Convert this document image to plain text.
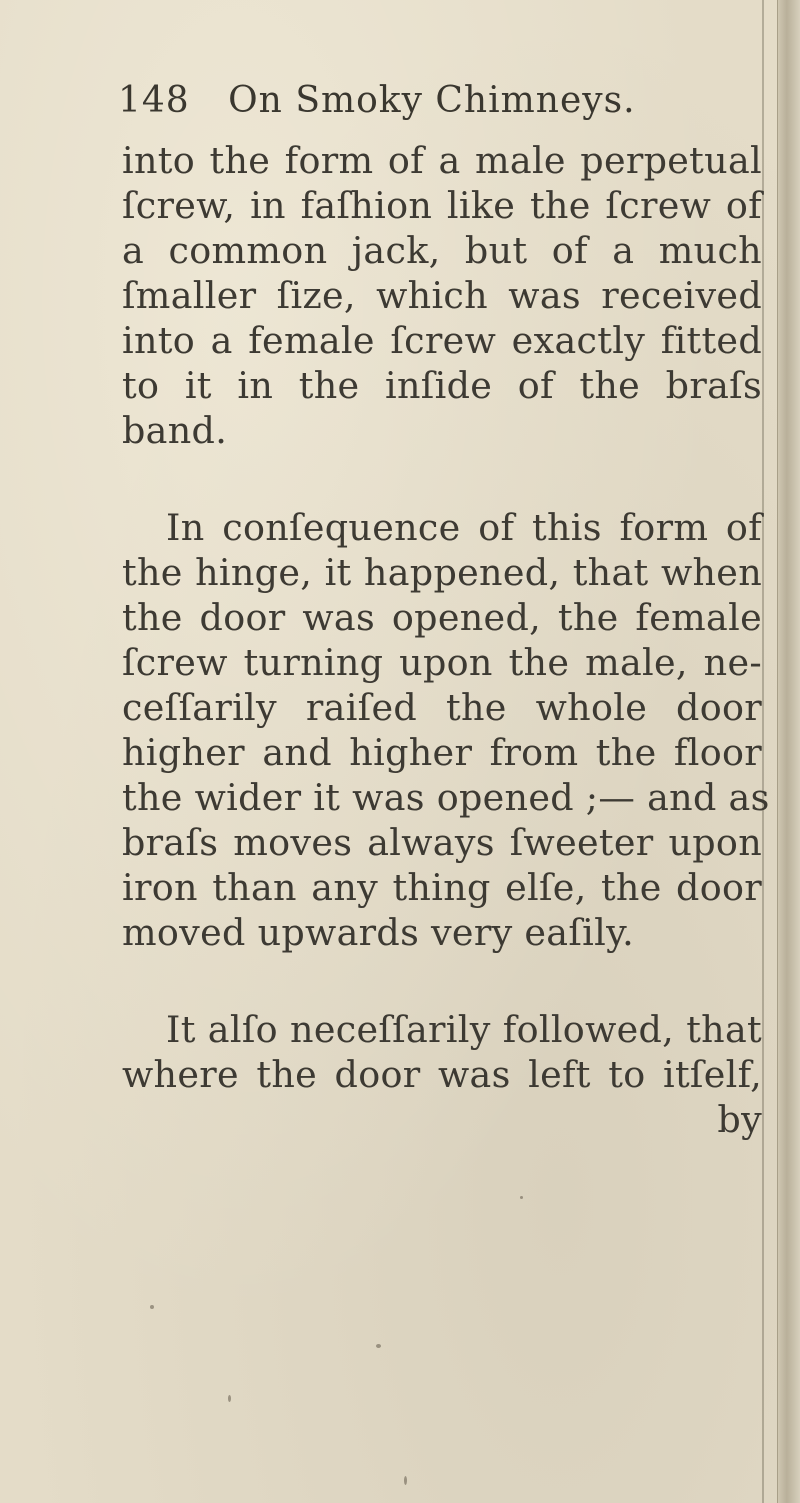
148 On Smoky Chimneys.
into the form of a male perpetual
ſcrew, in faſhion like the ſcrew of
a common jack, but of a much
ſmaller ſize, which was received
into a female ſcrew exactly fitted
to it in the inſide of the braſs
band.
In conſequence of this form of
the hinge, it happened, that when
the door was opened, the female
ſcrew turning upon the male, ne-
ceſſarily raiſed the whole door
higher and higher from the floor
the wider it was opened ;— and as
braſs moves always ſweeter upon
iron than any thing elſe, the door
moved upwards very eaſily.
It alſo neceſſarily followed, that
where the door was left to itſelf,
by
